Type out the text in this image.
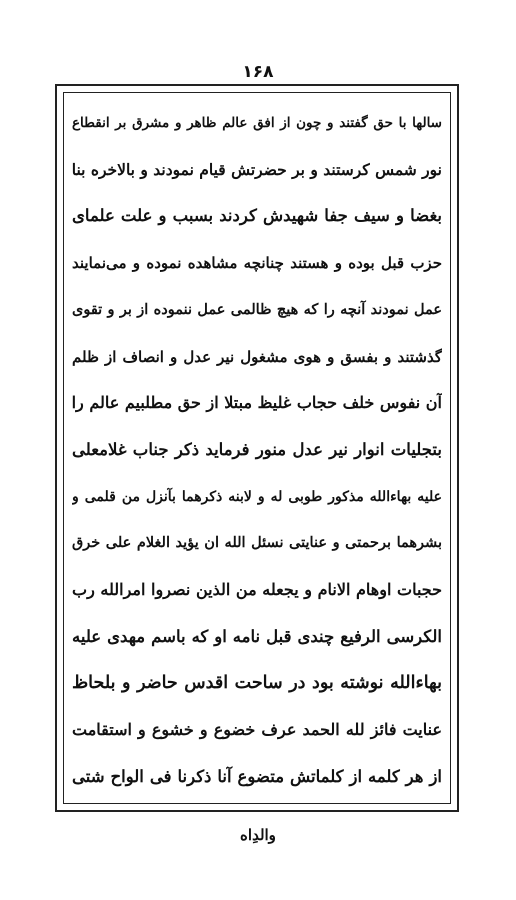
۱۶۸
سالها با حق گفتند و چون از افق عالم ظاهر و مشرق بر انقطاع
نور شمس کرستند و بر حضرتش قیام نمودند و بالاخره بنا
بغضا و سیف جفا شهیدش کردند بسبب و علت علمای
حزب قبل بوده و هستند چنانچه مشاهده نموده و می‌نمایند
عمل نمودند آنچه را که هیچ ظالمی عمل ننموده از بر و تقوی
گذشتند و بفسق و هوی مشغول نیر عدل و انصاف از ظلم
آن نفوس خلف حجاب غلیظ مبتلا از حق مطلبیم عالم را
بتجلیات انوار نیر عدل منور فرماید ذکر جناب غلامعلی
علیه بهاءالله مذکور طوبی له و لابنه ذکرهما بآنزل من قلمی و
بشرهما برحمتی و عنایتی نسئل الله ان یؤید الغلام علی خرق
حجبات اوهام الانام و یجعله من الذین نصروا امرالله رب
الکرسی الرفیع چندی قبل نامه او که باسم مهدی علیه
بهاءالله نوشته بود در ساحت اقدس حاضر و بلحاظ
عنایت فائز لله الحمد عرف خضوع و خشوع و استقامت
از هر کلمه از کلماتش متضوع آنا ذکرنا فی الواح شتی
والدِاه
